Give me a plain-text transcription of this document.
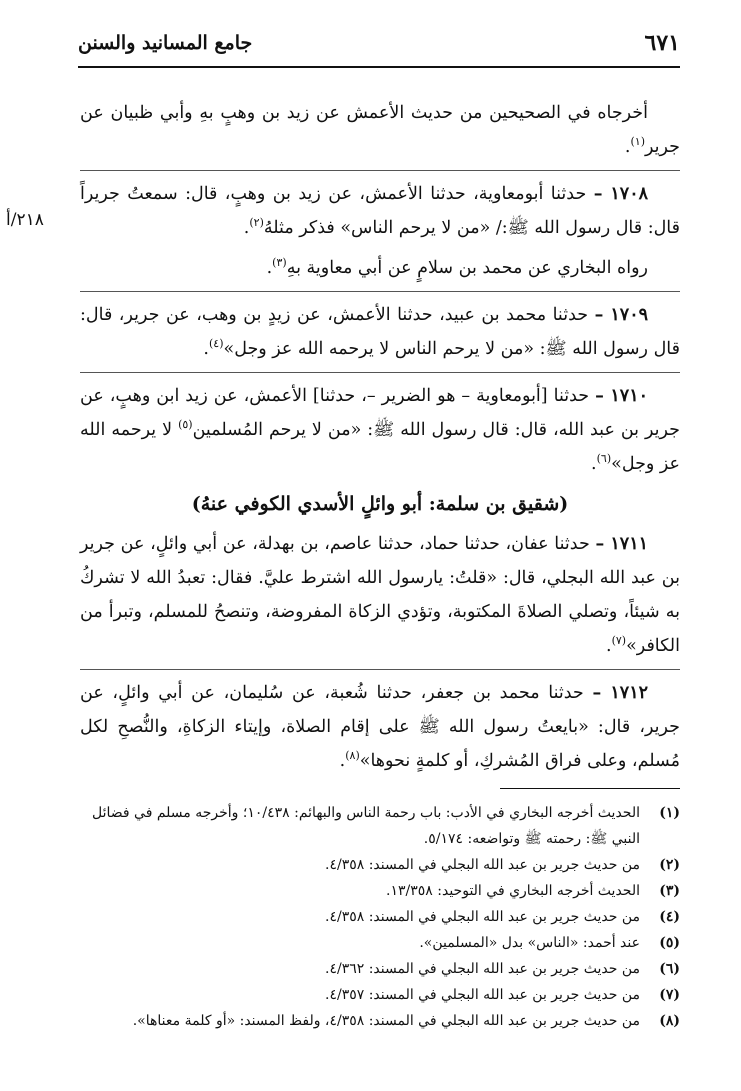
٦٧١
جامع المسانيد والسنن
٢١٨/أ

أخرجاه في الصحيحين من حديث الأعمش عن زيد بن وهبٍ بهِ وأبي ظبيان عن جرير$^{(١)}$.

١٧٠٨ – حدثنا أبومعاوية، حدثنا الأعمش، عن زيد بن وهبٍ، قال: سمعتُ جريراً قال: قال رسول الله ﷺ:/ «من لا يرحم الناس» فذكر مثلهُ$^{(٢)}$.

رواه البخاري عن محمد بن سلامٍ عن أبي معاوية بهِ$^{(٣)}$.

١٧٠٩ – حدثنا محمد بن عبيد، حدثنا الأعمش، عن زيدٍ بن وهب، عن جرير، قال: قال رسول الله ﷺ: «من لا يرحم الناس لا يرحمه الله عز وجل»$^{(٤)}$.

١٧١٠ – حدثنا [أبومعاوية – هو الضرير –، حدثنا] الأعمش، عن زيد ابن وهبٍ، عن جرير بن عبد الله، قال: قال رسول الله ﷺ: «من لا يرحم المُسلمين$^{(٥)}$ لا يرحمه الله عز وجل»$^{(٦)}$.

(شقيق بن سلمة: أبو وائلٍ الأسدي الكوفي عنهُ)

١٧١١ – حدثنا عفان، حدثنا حماد، حدثنا عاصم، بن بهدلة، عن أبي وائلٍ، عن جرير بن عبد الله البجلي، قال: «قلتُ: يارسول الله اشترط عليَّ. فقال: تعبدُ الله لا تشركُ به شيئاً، وتصلي الصلاةَ المكتوبة، وتؤدي الزكاة المفروضة، وتنصحُ للمسلم، وتبرأ من الكافر»$^{(٧)}$.

١٧١٢ – حدثنا محمد بن جعفر، حدثنا شُعبة، عن سُليمان، عن أبي وائلٍ، عن جرير، قال: «بايعتُ رسول الله ﷺ على إقام الصلاة، وإيتاء الزكاةِ، والنُّصحِ لكل مُسلم، وعلى فراق المُشركِ، أو كلمةٍ نحوها»$^{(٨)}$.

(١)
الحديث أخرجه البخاري في الأدب: باب رحمة الناس والبهائم: ١٠/٤٣٨؛ وأخرجه مسلم في فضائل النبي ﷺ: رحمته ﷺ وتواضعه: ٥/١٧٤.
(٢)
من حديث جرير بن عبد الله البجلي في المسند: ٤/٣٥٨.
(٣)
الحديث أخرجه البخاري في التوحيد: ١٣/٣٥٨.
(٤)
من حديث جرير بن عبد الله البجلي في المسند: ٤/٣٥٨.
(٥)
عند أحمد: «الناس» بدل «المسلمين».
(٦)
من حديث جرير بن عبد الله البجلي في المسند: ٤/٣٦٢.
(٧)
من حديث جرير بن عبد الله البجلي في المسند: ٤/٣٥٧.
(٨)
من حديث جرير بن عبد الله البجلي في المسند: ٤/٣٥٨، ولفظ المسند: «أو كلمة معناها».
